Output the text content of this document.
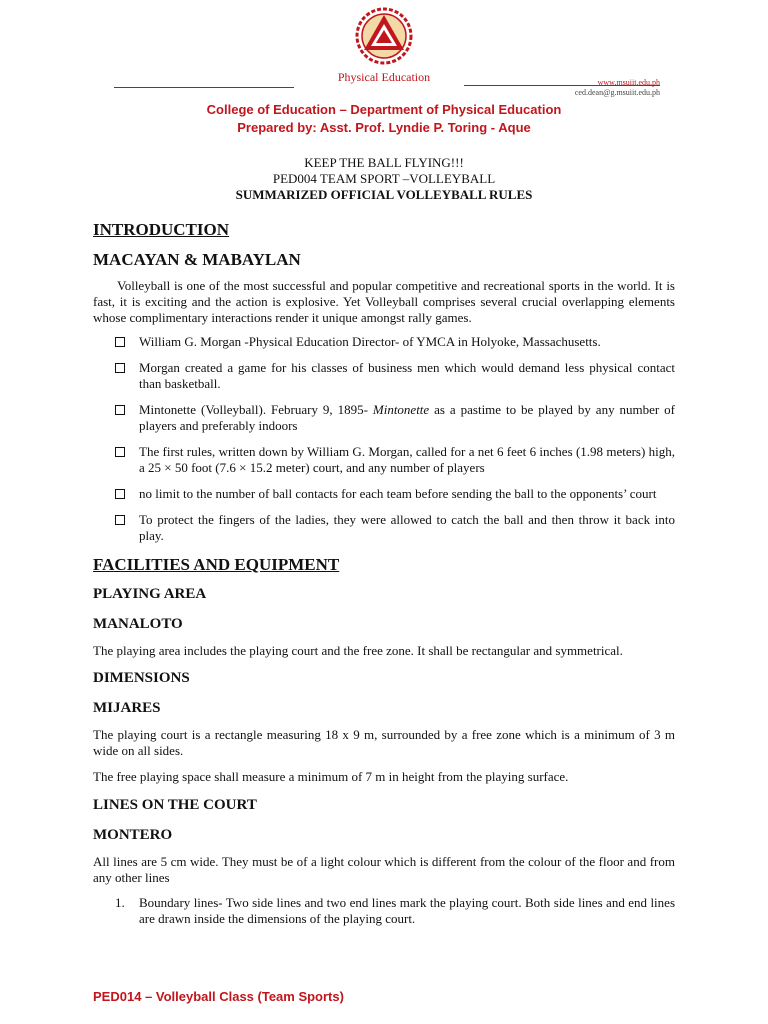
Physical Education	www.msuiit.edu.ph
ced.dean@g.msuiit.edu.ph
College of Education – Department of Physical Education
Prepared by: Asst. Prof. Lyndie P. Toring - Aque
KEEP THE BALL FLYING!!!
PED004 TEAM SPORT –VOLLEYBALL
SUMMARIZED OFFICIAL VOLLEYBALL RULES
INTRODUCTION
MACAYAN & MABAYLAN

Volleyball is one of the most successful and popular competitive and recreational sports in the world. It is fast, it is exciting and the action is explosive. Yet Volleyball comprises several crucial overlapping elements whose complimentary interactions render it unique amongst rally games.

William G. Morgan -Physical Education Director- of YMCA in Holyoke, Massachusetts.
Morgan created a game for his classes of business men which would demand less physical contact than basketball.
Mintonette (Volleyball). February 9, 1895- Mintonette as a pastime to be played by any number of players and preferably indoors
The first rules, written down by William G. Morgan, called for a net 6 feet 6 inches (1.98 meters) high, a 25 × 50 foot (7.6 × 15.2 meter) court, and any number of players
no limit to the number of ball contacts for each team before sending the ball to the opponents’ court
To protect the fingers of the ladies, they were allowed to catch the ball and then throw it back into play.
FACILITIES AND EQUIPMENT
PLAYING AREA
MANALOTO

The playing area includes the playing court and the free zone. It shall be rectangular and symmetrical.

DIMENSIONS
MIJARES

The playing court is a rectangle measuring 18 x 9 m, surrounded by a free zone which is a minimum of 3 m wide on all sides.

The free playing space shall measure a minimum of 7 m in height from the playing surface.

LINES ON THE COURT
MONTERO

All lines are 5 cm wide. They must be of a light colour which is different from the colour of the floor and from any other lines

1. Boundary lines- Two side lines and two end lines mark the playing court. Both side lines and end lines are drawn inside the dimensions of the playing court.
PED014 – Volleyball Class (Team Sports)
